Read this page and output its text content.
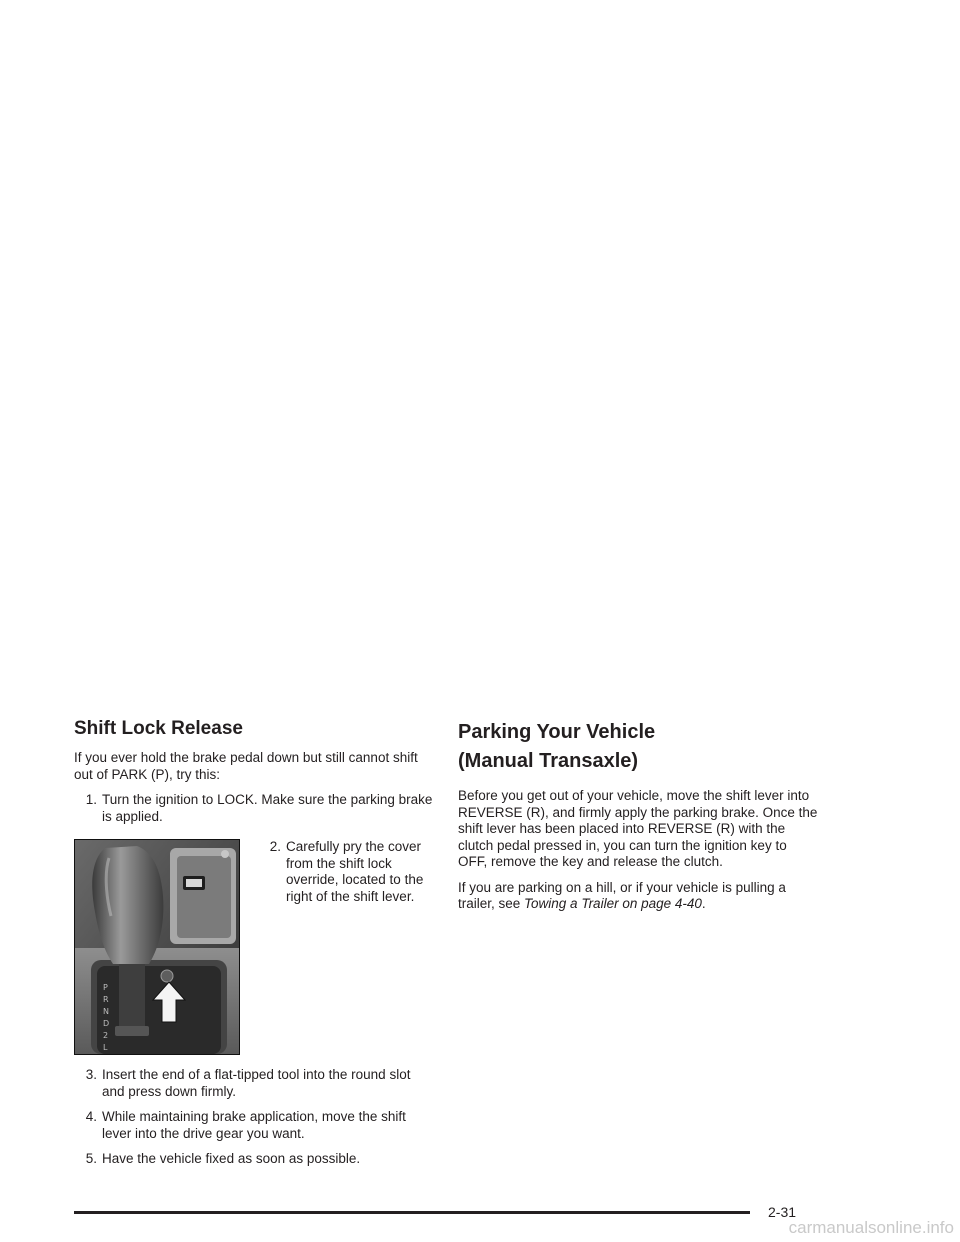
Shift Lock Release

If you ever hold the brake pedal down but still cannot shift out of PARK (P), try this:

1. Turn the ignition to LOCK. Make sure the parking brake is applied.
P
R
N
D
2
L
2. Carefully pry the cover from the shift lock override, located to the right of the shift lever.
3. Insert the end of a flat-tipped tool into the round slot and press down firmly.
4. While maintaining brake application, move the shift lever into the drive gear you want.
5. Have the vehicle fixed as soon as possible.
Parking Your Vehicle
(Manual Transaxle)

Before you get out of your vehicle, move the shift lever into REVERSE (R), and firmly apply the parking brake. Once the shift lever has been placed into REVERSE (R) with the clutch pedal pressed in, you can turn the ignition key to OFF, remove the key and release the clutch.

If you are parking on a hill, or if your vehicle is pulling a trailer, see Towing a Trailer on page 4-40.

2-31
carmanualsonline.info
